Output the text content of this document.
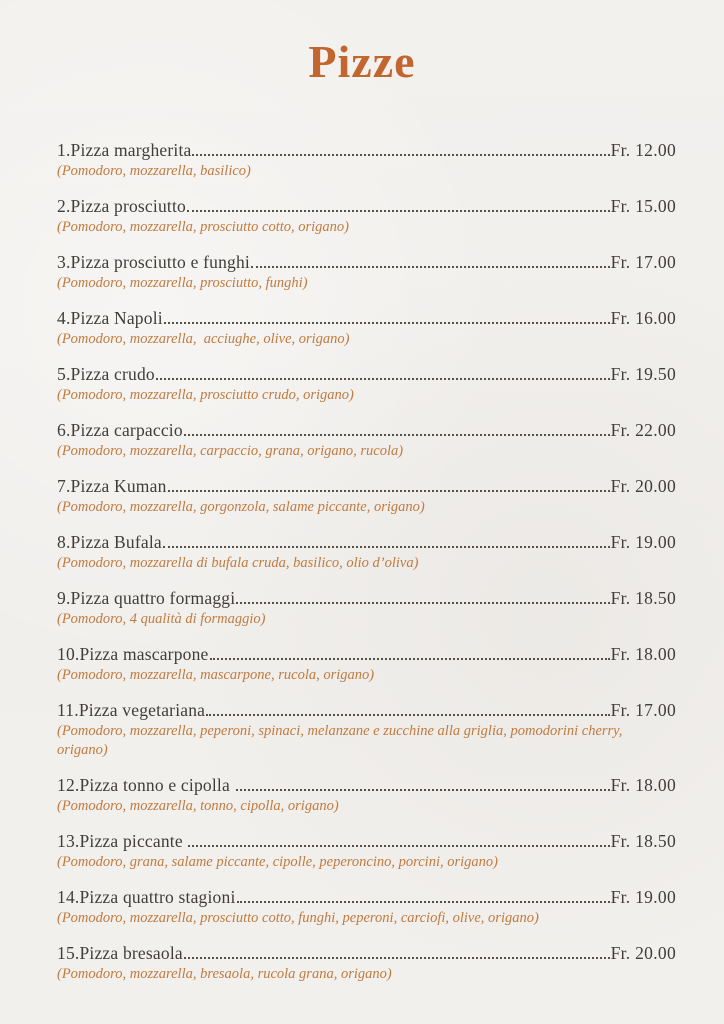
Pizze
1.Pizza margherita	Fr. 12.00
(Pomodoro, mozzarella, basilico)
2.Pizza prosciutto	Fr. 15.00
(Pomodoro, mozzarella, prosciutto cotto, origano)
3.Pizza prosciutto e funghi	Fr. 17.00
(Pomodoro, mozzarella, prosciutto, funghi)
4.Pizza Napoli	Fr. 16.00
(Pomodoro, mozzarella,  acciughe, olive, origano)
5.Pizza crudo	Fr. 19.50
(Pomodoro, mozzarella, prosciutto crudo, origano)
6.Pizza carpaccio	Fr. 22.00
(Pomodoro, mozzarella, carpaccio, grana, origano, rucola)
7.Pizza Kuman	Fr. 20.00
(Pomodoro, mozzarella, gorgonzola, salame piccante, origano)
8.Pizza Bufala	Fr. 19.00
(Pomodoro, mozzarella di bufala cruda, basilico, olio d’oliva)
9.Pizza quattro formaggi	Fr. 18.50
(Pomodoro, 4 qualità di formaggio)
10.Pizza mascarpone	Fr. 18.00
(Pomodoro, mozzarella, mascarpone, rucola, origano)
11.Pizza vegetariana	Fr. 17.00
(Pomodoro, mozzarella, peperoni, spinaci, melanzane e zucchine alla griglia, pomodorini cherry, origano)
12.Pizza tonno e cipolla	Fr. 18.00
(Pomodoro, mozzarella, tonno, cipolla, origano)
13.Pizza piccante	Fr. 18.50
(Pomodoro, grana, salame piccante, cipolle, peperoncino, porcini, origano)
14.Pizza quattro stagioni	Fr. 19.00
(Pomodoro, mozzarella, prosciutto cotto, funghi, peperoni, carciofi, olive, origano)
15.Pizza bresaola	Fr. 20.00
(Pomodoro, mozzarella, bresaola, rucola grana, origano)
